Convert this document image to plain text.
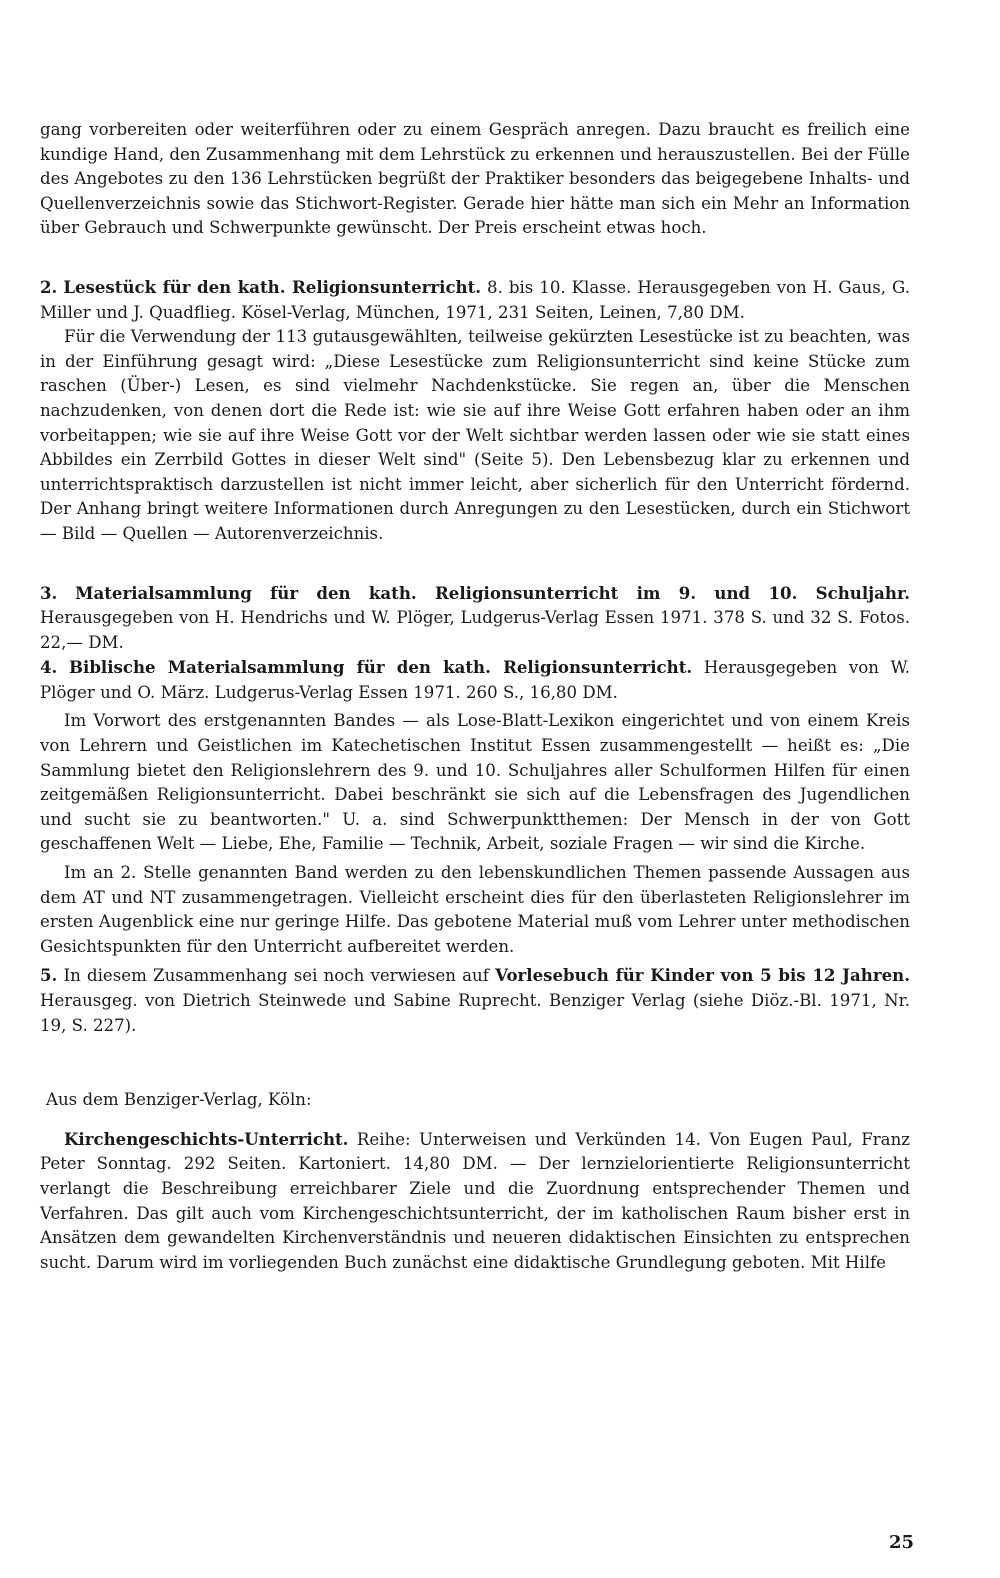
gang vorbereiten oder weiterführen oder zu einem Gespräch anregen. Dazu braucht es freilich eine kundige Hand, den Zusammenhang mit dem Lehrstück zu erkennen und herauszustellen. Bei der Fülle des Angebotes zu den 136 Lehrstücken begrüßt der Praktiker besonders das beigegebene Inhalts- und Quellenverzeichnis sowie das Stichwort-Register. Gerade hier hätte man sich ein Mehr an Information über Gebrauch und Schwerpunkte gewünscht. Der Preis erscheint etwas hoch.

2. Lesestück für den kath. Religionsunterricht. 8. bis 10. Klasse. Herausgegeben von H. Gaus, G. Miller und J. Quadflieg. Kösel-Verlag, München, 1971, 231 Seiten, Leinen, 7,80 DM.

Für die Verwendung der 113 gutausgewählten, teilweise gekürzten Lesestücke ist zu beachten, was in der Einführung gesagt wird: „Diese Lesestücke zum Religionsunterricht sind keine Stücke zum raschen (Über-) Lesen, es sind vielmehr Nachdenkstücke. Sie regen an, über die Menschen nachzudenken, von denen dort die Rede ist: wie sie auf ihre Weise Gott erfahren haben oder an ihm vorbeitappen; wie sie auf ihre Weise Gott vor der Welt sichtbar werden lassen oder wie sie statt eines Abbildes ein Zerrbild Gottes in dieser Welt sind" (Seite 5). Den Lebensbezug klar zu erkennen und unterrichtspraktisch darzustellen ist nicht immer leicht, aber sicherlich für den Unterricht fördernd. Der Anhang bringt weitere Informationen durch Anregungen zu den Lesestücken, durch ein Stichwort — Bild — Quellen — Autorenverzeichnis.

3. Materialsammlung für den kath. Religionsunterricht im 9. und 10. Schuljahr. Herausgegeben von H. Hendrichs und W. Plöger, Ludgerus-Verlag Essen 1971. 378 S. und 32 S. Fotos. 22,— DM.

4. Biblische Materialsammlung für den kath. Religionsunterricht. Herausgegeben von W. Plöger und O. März. Ludgerus-Verlag Essen 1971. 260 S., 16,80 DM.

Im Vorwort des erstgenannten Bandes — als Lose-Blatt-Lexikon eingerichtet und von einem Kreis von Lehrern und Geistlichen im Katechetischen Institut Essen zusammengestellt — heißt es: „Die Sammlung bietet den Religionslehrern des 9. und 10. Schuljahres aller Schulformen Hilfen für einen zeitgemäßen Religionsunterricht. Dabei beschränkt sie sich auf die Lebensfragen des Jugendlichen und sucht sie zu beantworten." U. a. sind Schwerpunktthemen: Der Mensch in der von Gott geschaffenen Welt — Liebe, Ehe, Familie — Technik, Arbeit, soziale Fragen — wir sind die Kirche.

Im an 2. Stelle genannten Band werden zu den lebenskundlichen Themen passende Aussagen aus dem AT und NT zusammengetragen. Vielleicht erscheint dies für den überlasteten Religionslehrer im ersten Augenblick eine nur geringe Hilfe. Das gebotene Material muß vom Lehrer unter methodischen Gesichtspunkten für den Unterricht aufbereitet werden.

5. In diesem Zusammenhang sei noch verwiesen auf Vorlesebuch für Kinder von 5 bis 12 Jahren. Herausgeg. von Dietrich Steinwede und Sabine Ruprecht. Benziger Verlag (siehe Diöz.-Bl. 1971, Nr. 19, S. 227).

Aus dem Benziger-Verlag, Köln:

Kirchengeschichts-Unterricht. Reihe: Unterweisen und Verkünden 14. Von Eugen Paul, Franz Peter Sonntag. 292 Seiten. Kartoniert. 14,80 DM. — Der lernzielorientierte Religionsunterricht verlangt die Beschreibung erreichbarer Ziele und die Zuordnung entsprechender Themen und Verfahren. Das gilt auch vom Kirchengeschichtsunterricht, der im katholischen Raum bisher erst in Ansätzen dem gewandelten Kirchenverständnis und neueren didaktischen Einsichten zu entsprechen sucht. Darum wird im vorliegenden Buch zunächst eine didaktische Grundlegung geboten. Mit Hilfe

25
